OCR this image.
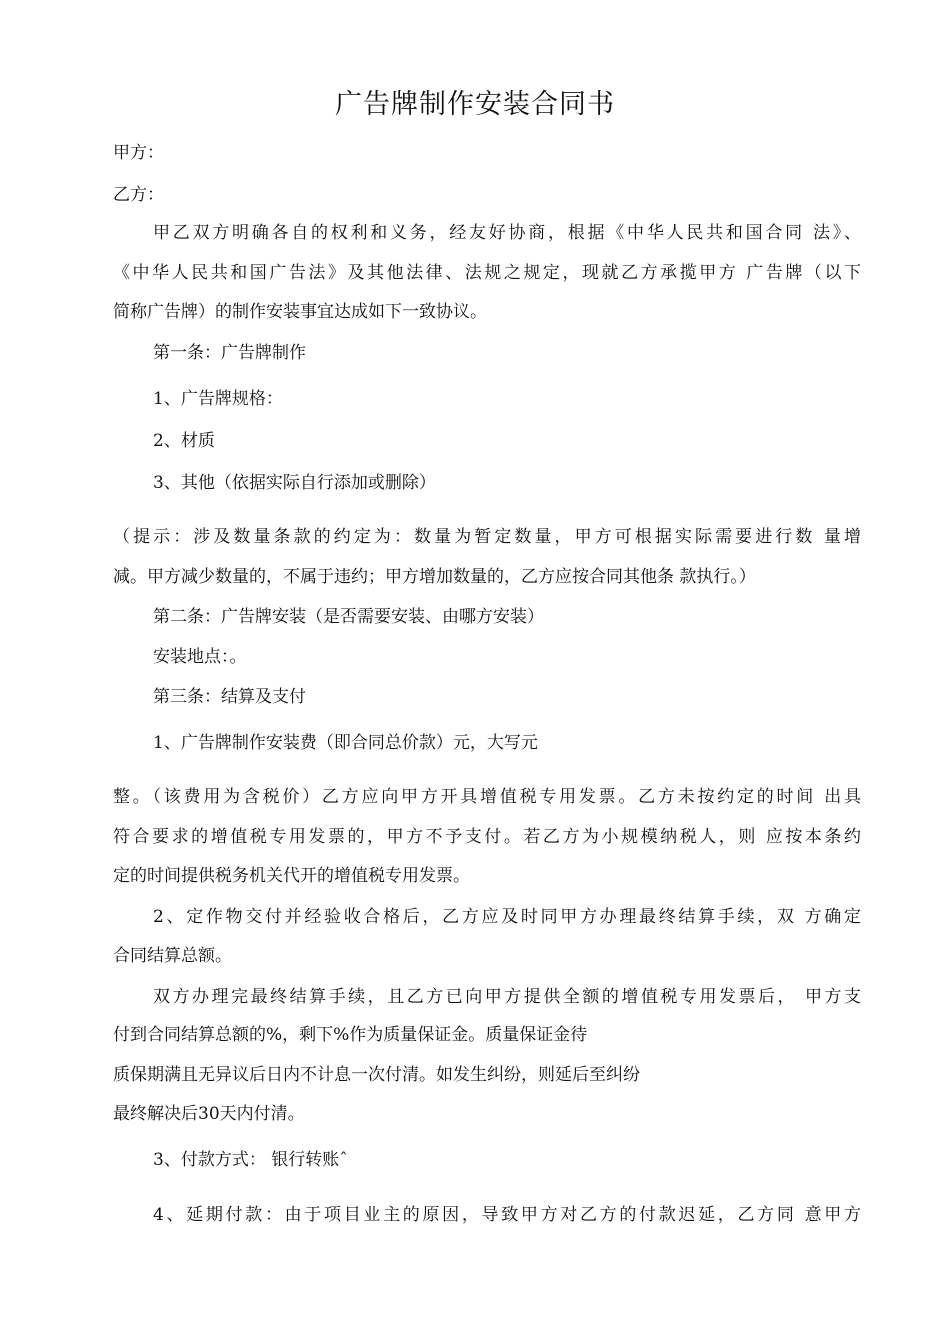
广告牌制作安装合同书
甲方：
乙方：
甲乙双方明确各自的权利和义务，经友好协商，根据《中华人民共和国合同 法》、
《中华人民共和国广告法》及其他法律、法规之规定，现就乙方承揽甲方 广告牌（以下
简称广告牌）的制作安装事宜达成如下一致协议。
第一条：广告牌制作
1、广告牌规格：
2、材质
3、其他（依据实际自行添加或删除）
（提示：涉及数量条款的约定为：数量为暂定数量，甲方可根据实际需要进行数 量增
减。甲方减少数量的，不属于违约；甲方增加数量的，乙方应按合同其他条 款执行。）
第二条：广告牌安装（是否需要安装、由哪方安装）
安装地点：。
第三条：结算及支付
1、广告牌制作安装费（即合同总价款）元，大写元
整。（该费用为含税价）乙方应向甲方开具增值税专用发票。乙方未按约定的时间 出具
符合要求的增值税专用发票的，甲方不予支付。若乙方为小规模纳税人，则 应按本条约
定的时间提供税务机关代开的增值税专用发票。
2、定作物交付并经验收合格后，乙方应及时同甲方办理最终结算手续，双 方确定
合同结算总额。
双方办理完最终结算手续，且乙方已向甲方提供全额的增值税专用发票后， 甲方支
付到合同结算总额的%，剩下%作为质量保证金。质量保证金待
质保期满且无异议后日内不计息一次付清。如发生纠纷，则延后至纠纷
最终解决后30天内付清。
3、付款方式： 银行转账ˆ
4、延期付款：由于项目业主的原因，导致甲方对乙方的付款迟延，乙方同 意甲方
